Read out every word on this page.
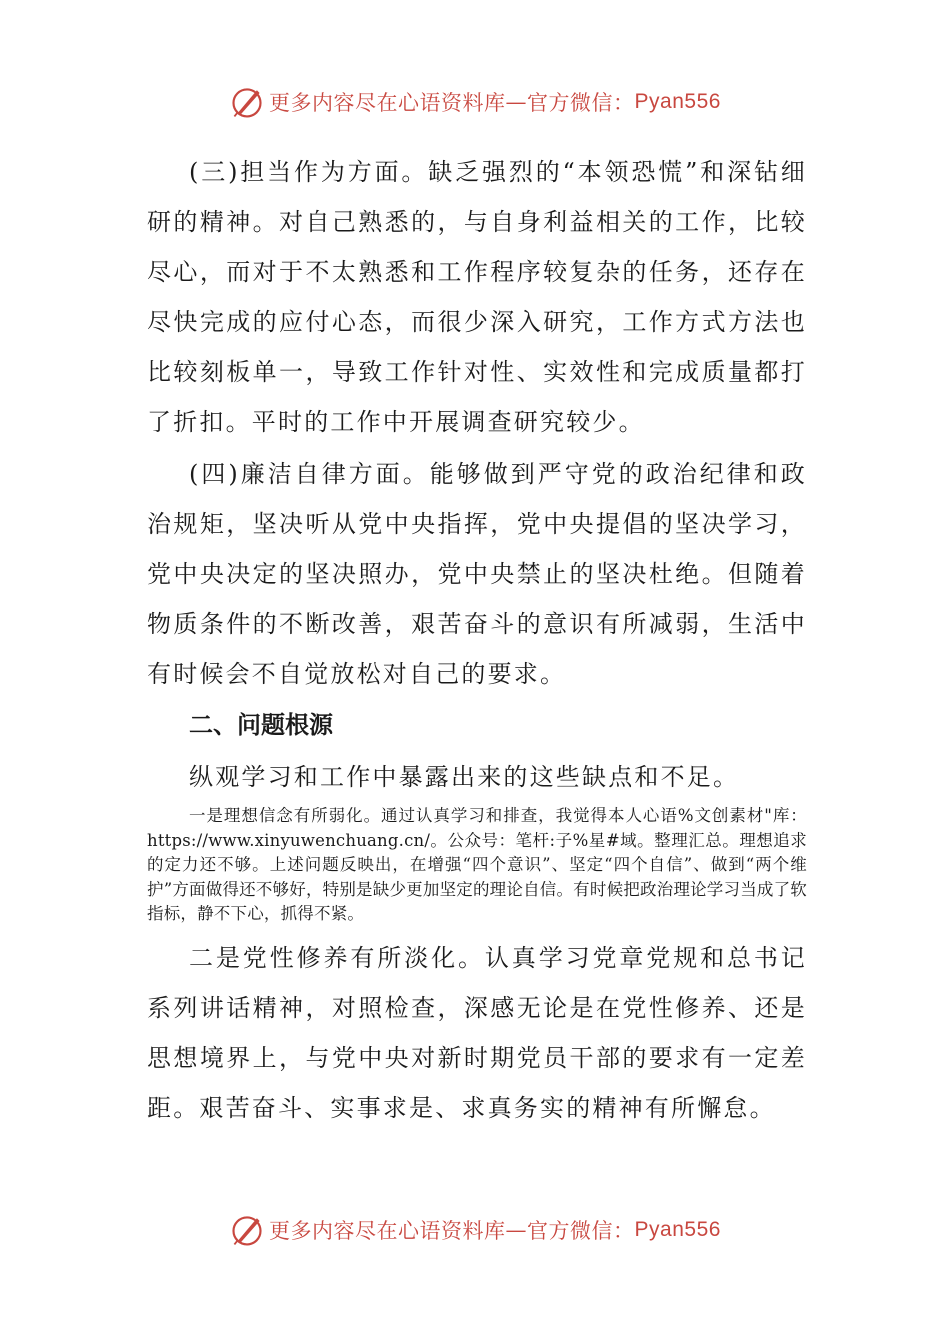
更多内容尽在心语资料库 — 官方微信： Pyan556

(三)担当作为方面。缺乏强烈的“本领恐慌”和深钻细研的精神。对自己熟悉的，与自身利益相关的工作，比较尽心，而对于不太熟悉和工作程序较复杂的任务，还存在尽快完成的应付心态，而很少深入研究，工作方式方法也比较刻板单一，导致工作针对性、实效性和完成质量都打了折扣。平时的工作中开展调查研究较少。

(四)廉洁自律方面。能够做到严守党的政治纪律和政治规矩，坚决听从党中央指挥，党中央提倡的坚决学习，党中央决定的坚决照办，党中央禁止的坚决杜绝。但随着物质条件的不断改善，艰苦奋斗的意识有所减弱，生活中有时候会不自觉放松对自己的要求。

二、问题根源

纵观学习和工作中暴露出来的这些缺点和不足。

一是理想信念有所弱化。通过认真学习和排查，我觉得本人心语%文创素材"库：https://www.xinyuwenchuang.cn/。公众号：笔杆:子%星#域。整理汇总。理想追求的定力还不够。上述问题反映出，在增强“四个意识”、坚定“四个自信”、做到“两个维护”方面做得还不够好，特别是缺少更加坚定的理论自信。有时候把政治理论学习当成了软指标，静不下心，抓得不紧。

二是党性修养有所淡化。认真学习党章党规和总书记系列讲话精神，对照检查，深感无论是在党性修养、还是思想境界上，与党中央对新时期党员干部的要求有一定差距。艰苦奋斗、实事求是、求真务实的精神有所懈怠。

更多内容尽在心语资料库 — 官方微信： Pyan556
